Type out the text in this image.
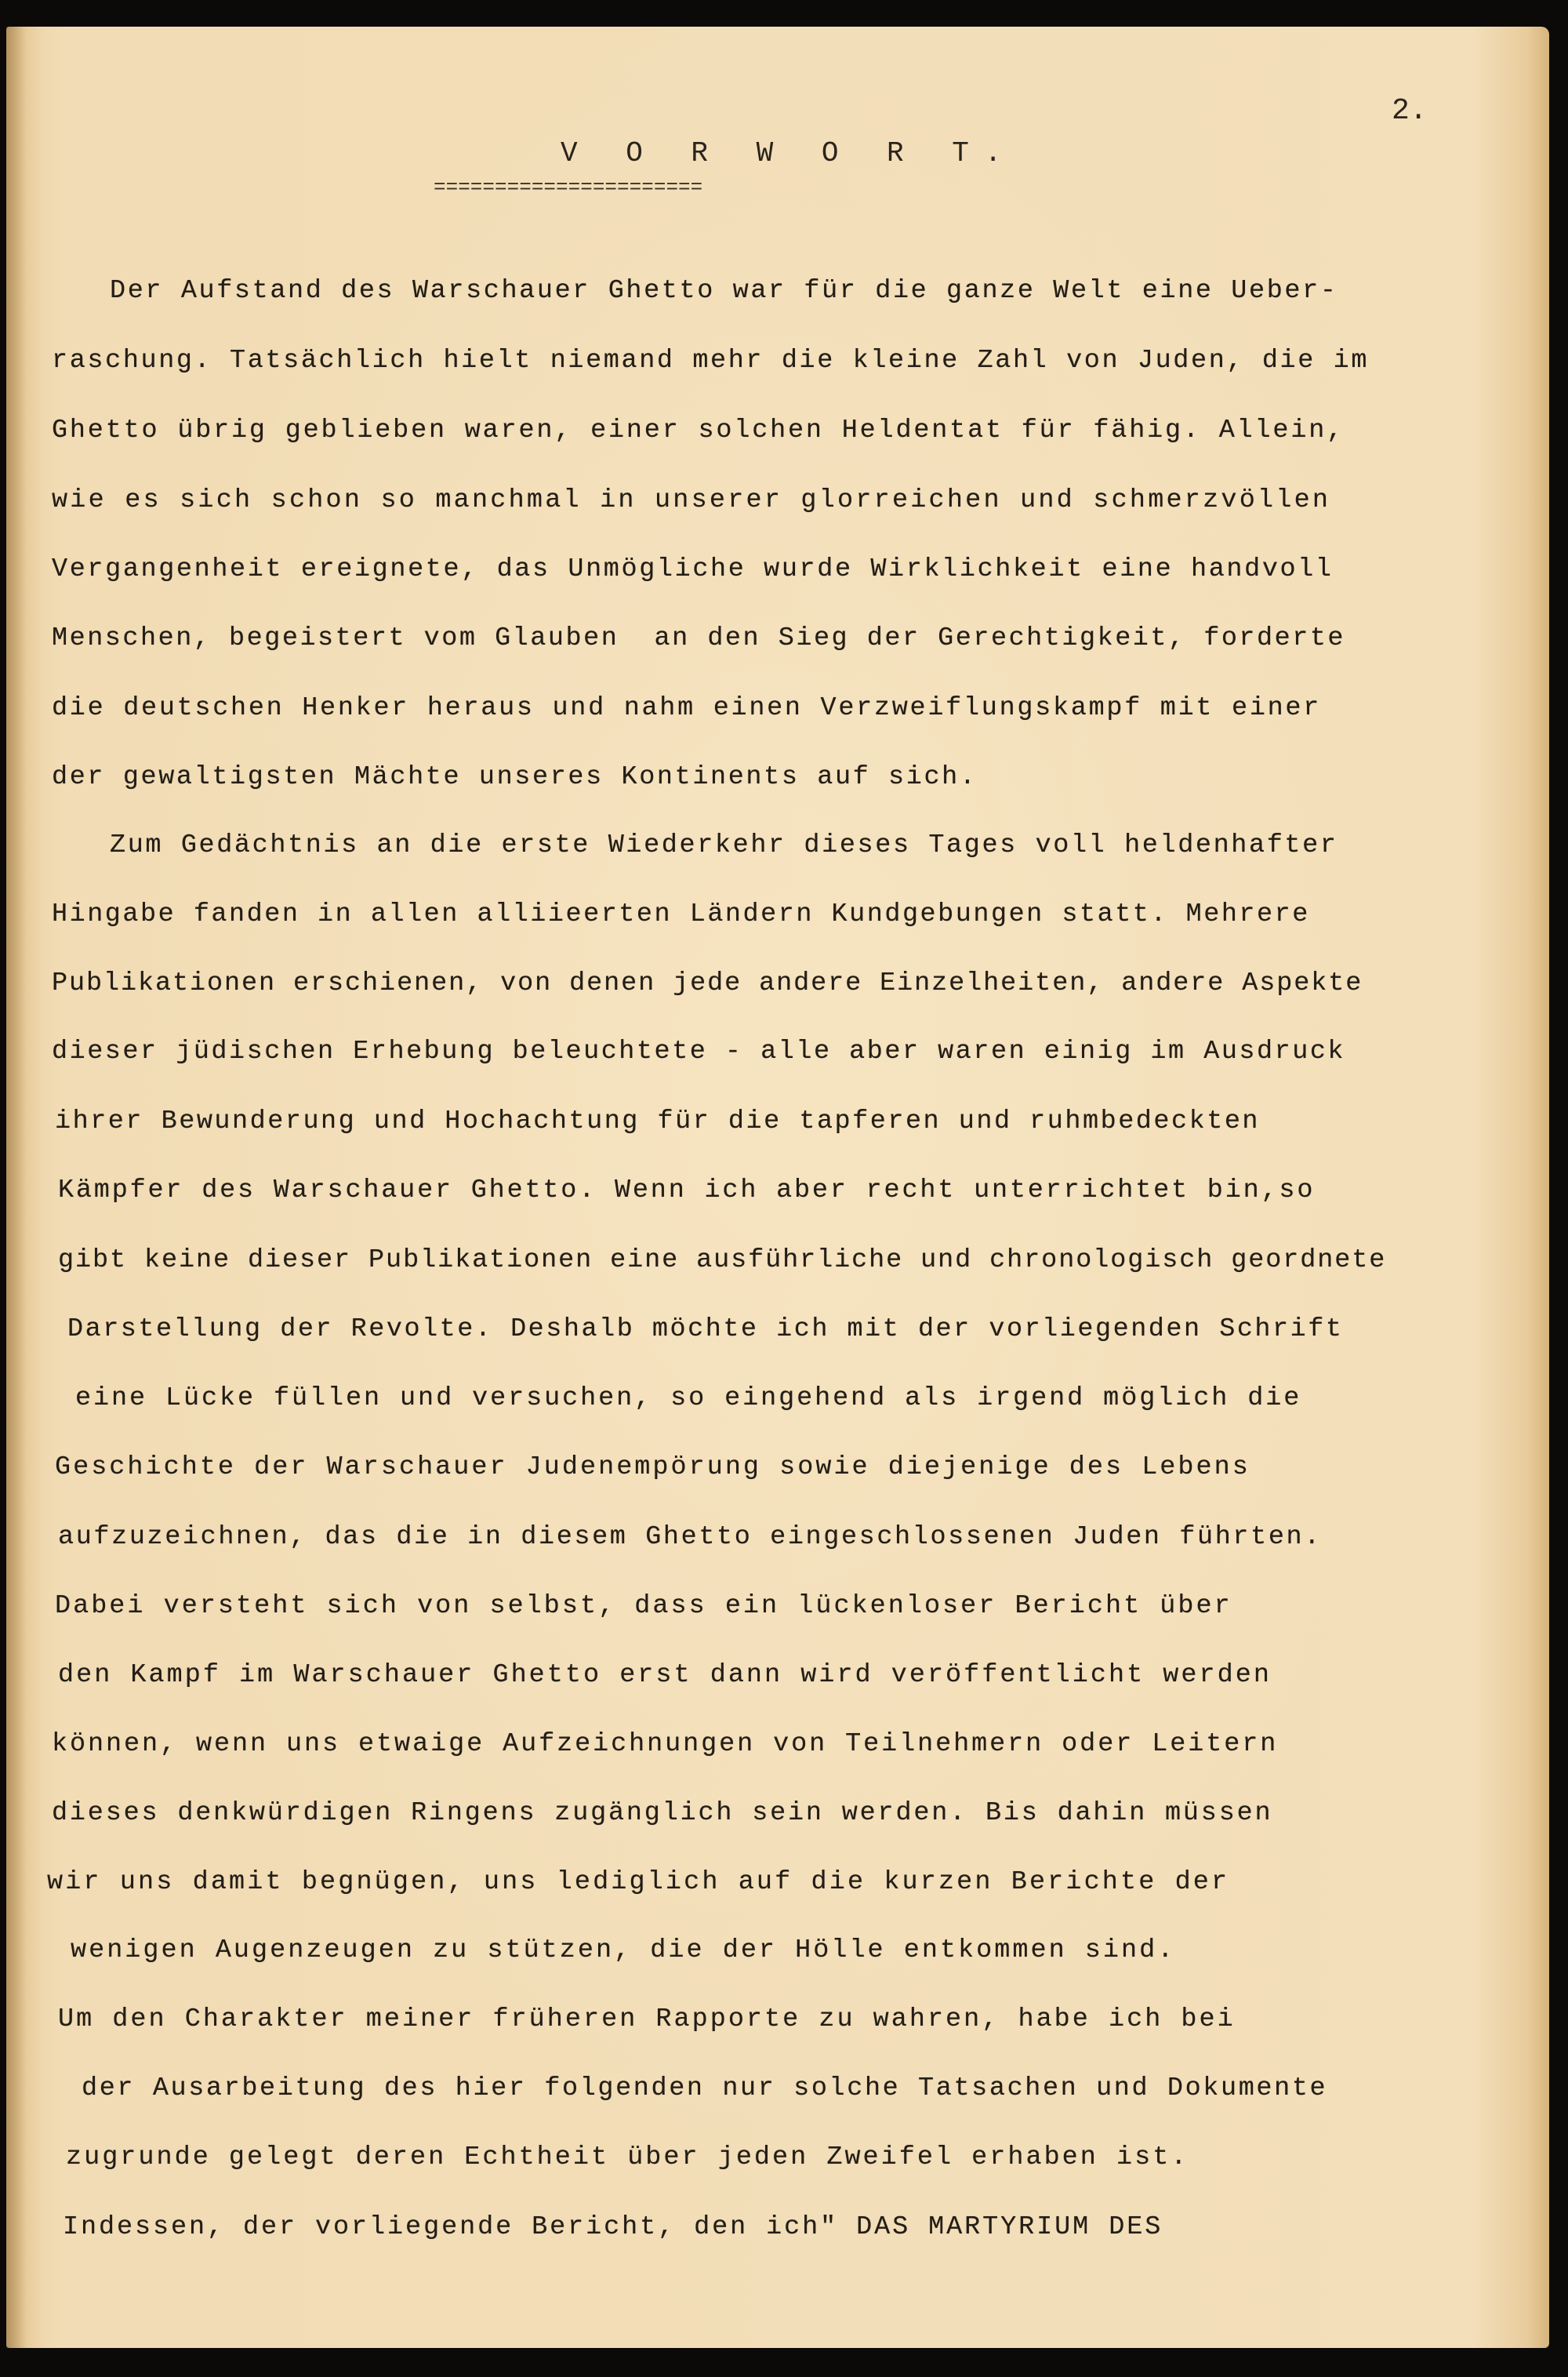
2.
V O R W O R T.
======================
Der Aufstand des Warschauer Ghetto war für die ganze Welt eine Ueber-
raschung. Tatsächlich hielt niemand mehr die kleine Zahl von Juden, die im
Ghetto übrig geblieben waren, einer solchen Heldentat für fähig. Allein,
wie es sich schon so manchmal in unserer glorreichen und schmerzvöllen
Vergangenheit ereignete, das Unmögliche wurde Wirklichkeit eine handvoll
Menschen, begeistert vom Glauben  an den Sieg der Gerechtigkeit, forderte
die deutschen Henker heraus und nahm einen Verzweiflungskampf mit einer
der gewaltigsten Mächte unseres Kontinents auf sich.
Zum Gedächtnis an die erste Wiederkehr dieses Tages voll heldenhafter
Hingabe fanden in allen alliieerten Ländern Kundgebungen statt. Mehrere
Publikationen erschienen, von denen jede andere Einzelheiten, andere Aspekte
dieser jüdischen Erhebung beleuchtete - alle aber waren einig im Ausdruck
ihrer Bewunderung und Hochachtung für die tapferen und ruhmbedeckten
Kämpfer des Warschauer Ghetto. Wenn ich aber recht unterrichtet bin,so
gibt keine dieser Publikationen eine ausführliche und chronologisch geordnete
Darstellung der Revolte. Deshalb möchte ich mit der vorliegenden Schrift
eine Lücke füllen und versuchen, so eingehend als irgend möglich die
Geschichte der Warschauer Judenempörung sowie diejenige des Lebens
aufzuzeichnen, das die in diesem Ghetto eingeschlossenen Juden führten.
Dabei versteht sich von selbst, dass ein lückenloser Bericht über
den Kampf im Warschauer Ghetto erst dann wird veröffentlicht werden
können, wenn uns etwaige Aufzeichnungen von Teilnehmern oder Leitern
dieses denkwürdigen Ringens zugänglich sein werden. Bis dahin müssen
wir uns damit begnügen, uns lediglich auf die kurzen Berichte der
wenigen Augenzeugen zu stützen, die der Hölle entkommen sind.
Um den Charakter meiner früheren Rapporte zu wahren, habe ich bei
der Ausarbeitung des hier folgenden nur solche Tatsachen und Dokumente
zugrunde gelegt deren Echtheit über jeden Zweifel erhaben ist.
Indessen, der vorliegende Bericht, den ich" DAS MARTYRIUM DES
